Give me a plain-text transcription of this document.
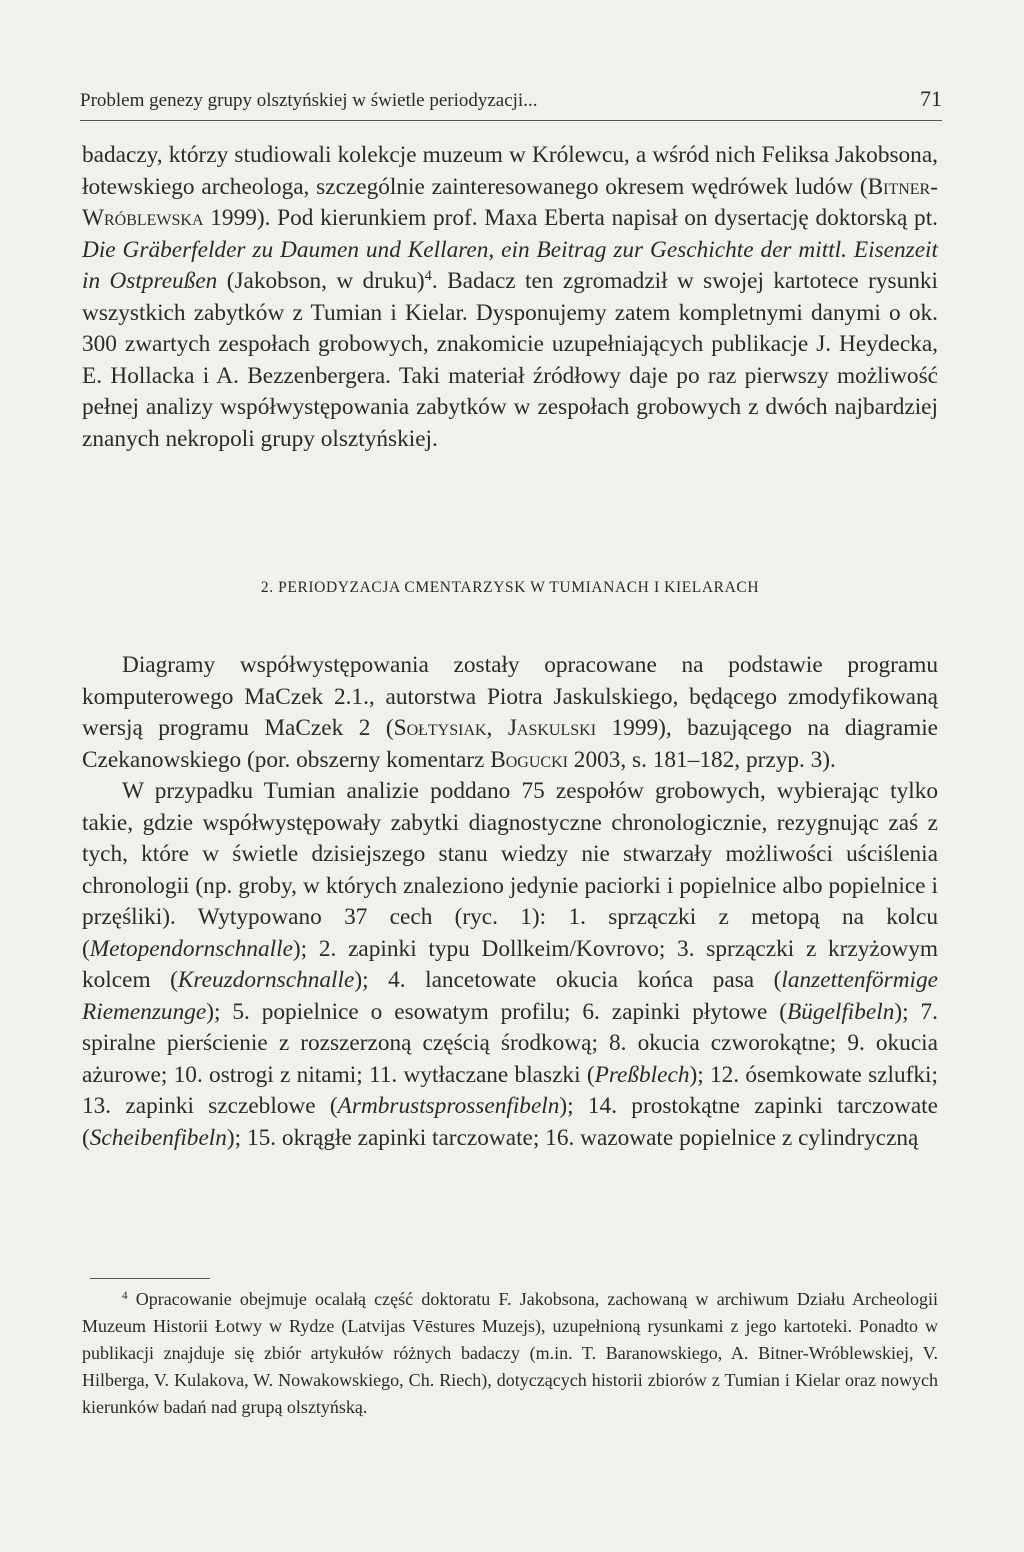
Problem genezy grupy olsztyńskiej w świetle periodyzacji...	71

badaczy, którzy studiowali kolekcje muzeum w Królewcu, a wśród nich Feliksa Jakobsona, łotewskiego archeologa, szczególnie zainteresowanego okresem wędrówek ludów (Bitner-Wróblewska 1999). Pod kierunkiem prof. Maxa Eberta napisał on dysertację doktorską pt. Die Gräberfelder zu Daumen und Kellaren, ein Beitrag zur Geschichte der mittl. Eisenzeit in Ostpreußen (Jakobson, w druku)$^4$. Badacz ten zgromadził w swojej kartotece rysunki wszystkich zabytków z Tumian i Kielar. Dysponujemy zatem kompletnymi danymi o ok. 300 zwartych zespołach grobowych, znakomicie uzupełniających publikacje J. Heydecka, E. Hollacka i A. Bezzenbergera. Taki materiał źródłowy daje po raz pierwszy możliwość pełnej analizy współwystępowania zabytków w zespołach grobowych z dwóch najbardziej znanych nekropoli grupy olsztyńskiej.

2. PERIODYZACJA CMENTARZYSK W TUMIANACH I KIELARACH

Diagramy współwystępowania zostały opracowane na podstawie programu komputerowego MaCzek 2.1., autorstwa Piotra Jaskulskiego, będącego zmodyfikowaną wersją programu MaCzek 2 (Sołtysiak, Jaskulski 1999), bazującego na diagramie Czekanowskiego (por. obszerny komentarz Bogucki 2003, s. 181–182, przyp. 3).

W przypadku Tumian analizie poddano 75 zespołów grobowych, wybierając tylko takie, gdzie współwystępowały zabytki diagnostyczne chronologicznie, rezygnując zaś z tych, które w świetle dzisiejszego stanu wiedzy nie stwarzały możliwości uściślenia chronologii (np. groby, w których znaleziono jedynie paciorki i popielnice albo popielnice i przęśliki). Wytypowano 37 cech (ryc. 1): 1. sprzączki z metopą na kolcu (Metopendornschnalle); 2. zapinki typu Dollkeim/Kovrovo; 3. sprzączki z krzyżowym kolcem (Kreuzdornschnalle); 4. lancetowate okucia końca pasa (lanzettenförmige Riemenzunge); 5. popielnice o esowatym profilu; 6. zapinki płytowe (Bügelfibeln); 7. spiralne pierścienie z rozszerzoną częścią środkową; 8. okucia czworokątne; 9. okucia ażurowe; 10. ostrogi z nitami; 11. wytłaczane blaszki (Preßblech); 12. ósemkowate szlufki; 13. zapinki szczeblowe (Armbrustsprossenfibeln); 14. prostokątne zapinki tarczowate (Scheibenfibeln); 15. okrągłe zapinki tarczowate; 16. wazowate popielnice z cylindryczną

$^4$ Opracowanie obejmuje ocalałą część doktoratu F. Jakobsona, zachowaną w archiwum Działu Archeologii Muzeum Historii Łotwy w Rydze (Latvijas Vēstures Muzejs), uzupełnioną rysunkami z jego kartoteki. Ponadto w publikacji znajduje się zbiór artykułów różnych badaczy (m.in. T. Baranowskiego, A. Bitner-Wróblewskiej, V. Hilberga, V. Kulakova, W. Nowakowskiego, Ch. Riech), dotyczących historii zbiorów z Tumian i Kielar oraz nowych kierunków badań nad grupą olsztyńską.
